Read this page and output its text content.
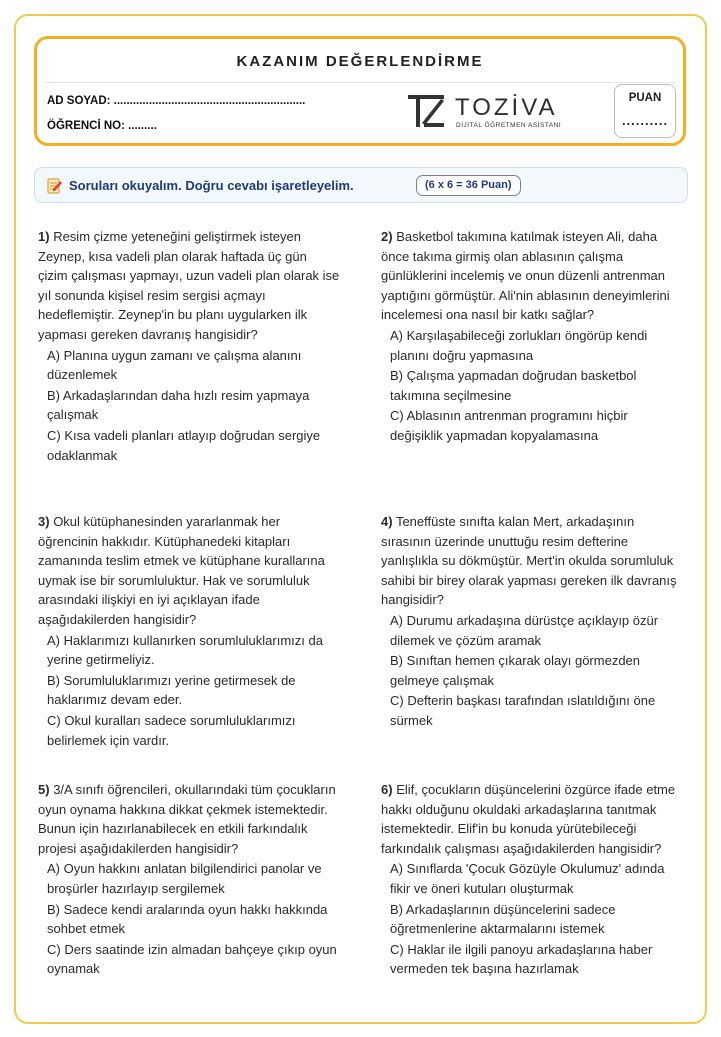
KAZANIM DEĞERLENDİRME
AD SOYAD: ............................................................
ÖĞRENCİ NO: .........
TOZİVA
DİJİTAL ÖĞRETMEN ASİSTANI
PUAN
..........
Soruları okuyalım. Doğru cevabı işaretleyelim.	(6 x 6 = 36 Puan)
1) Resim çizme yeteneğini geliştirmek isteyen Zeynep, kısa vadeli plan olarak haftada üç gün çizim çalışması yapmayı, uzun vadeli plan olarak ise yıl sonunda kişisel resim sergisi açmayı hedeflemiştir. Zeynep'in bu planı uygularken ilk yapması gereken davranış hangisidir?
A) Planına uygun zamanı ve çalışma alanını düzenlemek
B) Arkadaşlarından daha hızlı resim yapmaya çalışmak
C) Kısa vadeli planları atlayıp doğrudan sergiye odaklanmak
2) Basketbol takımına katılmak isteyen Ali, daha önce takıma girmiş olan ablasının çalışma günlüklerini incelemiş ve onun düzenli antrenman yaptığını görmüştür. Ali'nin ablasının deneyimlerini incelemesi ona nasıl bir katkı sağlar?
A) Karşılaşabileceği zorlukları öngörüp kendi planını doğru yapmasına
B) Çalışma yapmadan doğrudan basketbol takımına seçilmesine
C) Ablasının antrenman programını hiçbir değişiklik yapmadan kopyalamasına
3) Okul kütüphanesinden yararlanmak her öğrencinin hakkıdır. Kütüphanedeki kitapları zamanında teslim etmek ve kütüphane kurallarına uymak ise bir sorumluluktur. Hak ve sorumluluk arasındaki ilişkiyi en iyi açıklayan ifade aşağıdakilerden hangisidir?
A) Haklarımızı kullanırken sorumluluklarımızı da yerine getirmeliyiz.
B) Sorumluluklarımızı yerine getirmesek de haklarımız devam eder.
C) Okul kuralları sadece sorumluluklarımızı belirlemek için vardır.
4) Teneffüste sınıfta kalan Mert, arkadaşının sırasının üzerinde unuttuğu resim defterine yanlışlıkla su dökmüştür. Mert'in okulda sorumluluk sahibi bir birey olarak yapması gereken ilk davranış hangisidir?
A) Durumu arkadaşına dürüstçe açıklayıp özür dilemek ve çözüm aramak
B) Sınıftan hemen çıkarak olayı görmezden gelmeye çalışmak
C) Defterin başkası tarafından ıslatıldığını öne sürmek
5) 3/A sınıfı öğrencileri, okullarındaki tüm çocukların oyun oynama hakkına dikkat çekmek istemektedir. Bunun için hazırlanabilecek en etkili farkındalık projesi aşağıdakilerden hangisidir?
A) Oyun hakkını anlatan bilgilendirici panolar ve broşürler hazırlayıp sergilemek
B) Sadece kendi aralarında oyun hakkı hakkında sohbet etmek
C) Ders saatinde izin almadan bahçeye çıkıp oyun oynamak
6) Elif, çocukların düşüncelerini özgürce ifade etme hakkı olduğunu okuldaki arkadaşlarına tanıtmak istemektedir. Elif'in bu konuda yürütebileceği farkındalık çalışması aşağıdakilerden hangisidir?
A) Sınıflarda 'Çocuk Gözüyle Okulumuz' adında fikir ve öneri kutuları oluşturmak
B) Arkadaşlarının düşüncelerini sadece öğretmenlerine aktarmalarını istemek
C) Haklar ile ilgili panoyu arkadaşlarına haber vermeden tek başına hazırlamak
